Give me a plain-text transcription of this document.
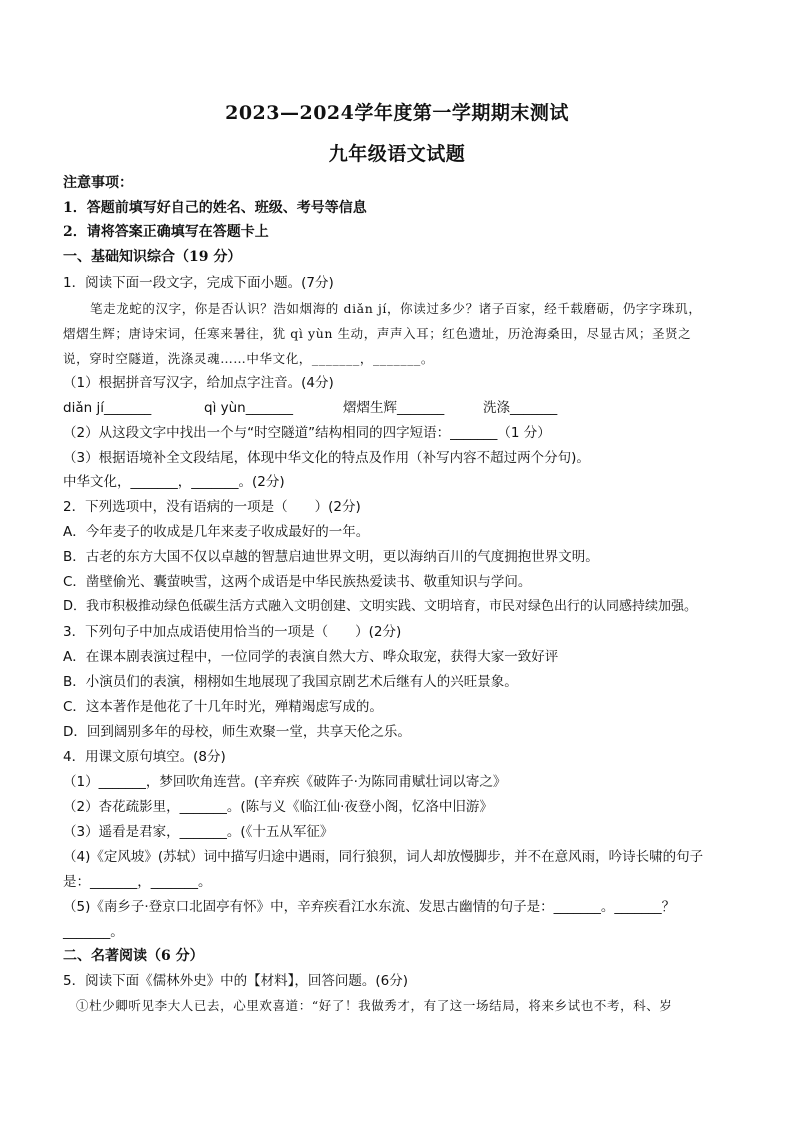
2023—2024学年度第一学期期末测试
九年级语文试题
注意事项：
1．答题前填写好自己的姓名、班级、考号等信息
2．请将答案正确填写在答题卡上
一、基础知识综合（19 分）
1．阅读下面一段文字，完成下面小题。(7分)
笔走龙蛇的汉字，你是否认识？浩如烟海的 diǎn jí，你读过多少？诸子百家，经千载磨砺，仍字字珠玑，
熠熠生辉；唐诗宋词，任寒来暑往，犹 qì yùn 生动，声声入耳；红色遗址，历沧海桑田，尽显古风；圣贤之
说，穿时空隧道，洗涤灵魂……中华文化，_______，_______。
（1）根据拼音写汉字，给加点字注音。(4分)
diǎn jí_______	qì yùn_______	熠熠生辉_______	洗涤_______
（2）从这段文字中找出一个与“时空隧道”结构相同的四字短语：_______（1 分）
（3）根据语境补全文段结尾，体现中华文化的特点及作用（补写内容不超过两个分句)。
中华文化，_______，_______。(2分)
2．下列选项中，没有语病的一项是（　　）(2分)
A．今年麦子的收成是几年来麦子收成最好的一年。
B．古老的东方大国不仅以卓越的智慧启迪世界文明，更以海纳百川的气度拥抱世界文明。
C．凿壁偷光、囊萤映雪，这两个成语是中华民族热爱读书、敬重知识与学问。
D．我市积极推动绿色低碳生活方式融入文明创建、文明实践、文明培育，市民对绿色出行的认同感持续加强。
3．下列句子中加点成语使用恰当的一项是（　　）(2分)
A．在课本剧表演过程中，一位同学的表演自然大方、哗众取宠，获得大家一致好评
B．小演员们的表演，栩栩如生地展现了我国京剧艺术后继有人的兴旺景象。
C．这本著作是他花了十几年时光，殚精竭虑写成的。
D．回到阔别多年的母校，师生欢聚一堂，共享天伦之乐。
4．用课文原句填空。(8分)
（1）_______，梦回吹角连营。(辛弃疾《破阵子·为陈同甫赋壮词以寄之》
（2）杏花疏影里，_______。(陈与义《临江仙·夜登小阁，忆洛中旧游》
（3）遥看是君家，_______。(《十五从军征》
（4)《定风坡》(苏轼）词中描写归途中遇雨，同行狼狈，词人却放慢脚步，并不在意风雨，吟诗长啸的句子
是：_______，_______。
（5)《南乡子·登京口北固亭有怀》中，辛弃疾看江水东流、发思古幽情的句子是：_______。_______？
_______。
二、名著阅读（6 分）
5．阅读下面《儒林外史》中的【材料】，回答问题。(6分)
①杜少卿听见李大人已去，心里欢喜道：“好了！我做秀才，有了这一场结局，将来乡试也不考，科、岁
